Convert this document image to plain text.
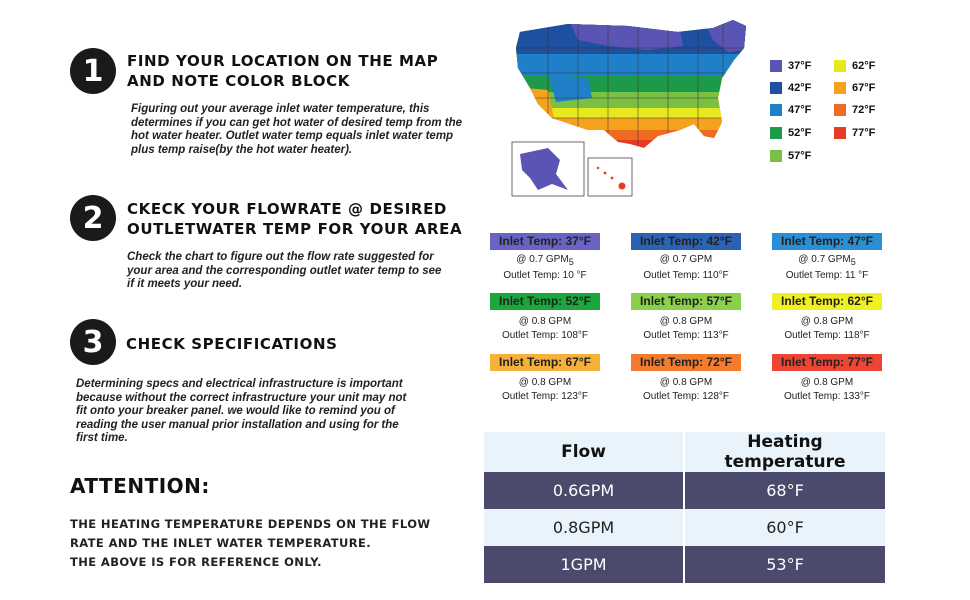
1	FIND YOUR LOCATION ON THE MAP
AND NOTE COLOR BLOCK
Figuring out your average inlet water temperature, this
determines if you can get hot water of desired temp from the
hot water heater. Outlet water temp equals inlet water temp
plus temp raise(by the hot water heater).
2	CKECK YOUR FLOWRATE @ DESIRED
OUTLETWATER TEMP FOR YOUR AREA
Check the chart to figure out the flow rate suggested for
your area and the corresponding outlet water temp to see
if it meets your need.
3	CHECK SPECIFICATIONS
Determining specs and electrical infrastructure is important
because without the correct infrastructure your unit may not
fit onto your breaker panel. we would like to remind you of
reading the user manual prior installation and using for the
first time.
ATTENTION:
THE HEATING TEMPERATURE DEPENDS ON THE FLOW
RATE AND THE INLET WATER TEMPERATURE.
THE ABOVE IS FOR REFERENCE ONLY.
37°F
42°F
47°F
52°F
57°F
62°F
67°F
72°F
77°F
Inlet Temp: 37°F
@ 0.7 GPM5
Outlet Temp: 10 °F
Inlet Temp: 42°F
@ 0.7 GPM
Outlet Temp: 110°F
Inlet Temp: 47°F
@ 0.7 GPM5
Outlet Temp: 11 °F
Inlet Temp: 52°F
@ 0.8 GPM
Outlet Temp: 108°F
Inlet Temp: 57°F
@ 0.8 GPM
Outlet Temp: 113°F
Inlet Temp: 62°F
@ 0.8 GPM
Outlet Temp: 118°F
Inlet Temp: 67°F
@ 0.8 GPM
Outlet Temp: 123°F
Inlet Temp: 72°F
@ 0.8 GPM
Outlet Temp: 128°F
Inlet Temp: 77°F
@ 0.8 GPM
Outlet Temp: 133°F
Flow	Heating temperature
0.6GPM	68°F
0.8GPM	60°F
1GPM	53°F
